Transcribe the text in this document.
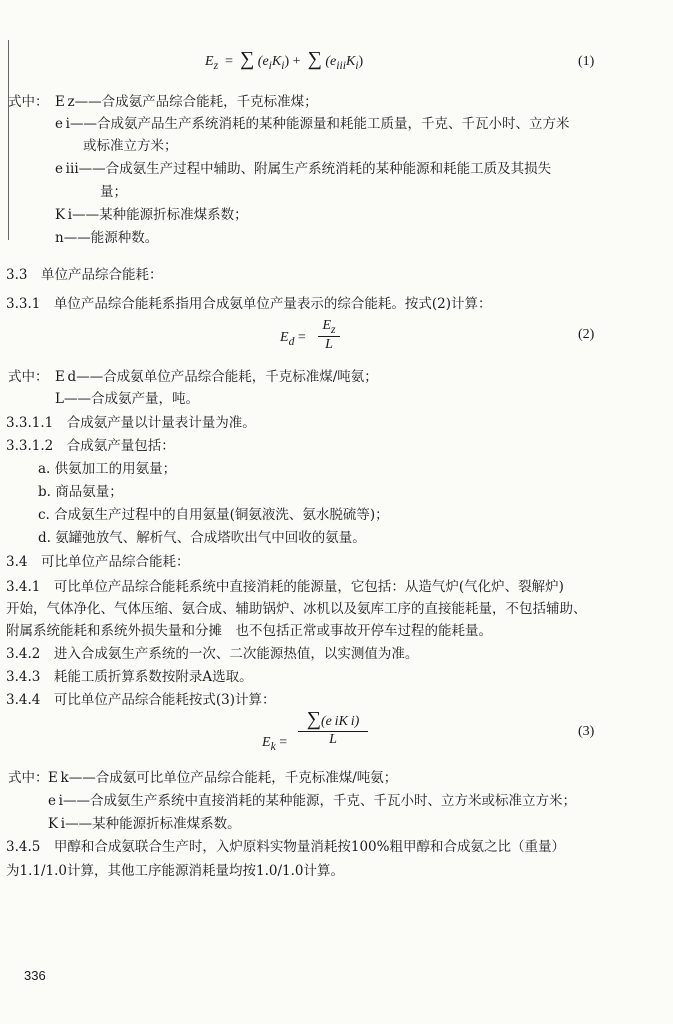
$E_z$  =  ∑ $(e_iK_i)$ +  ∑ $(e_{iii}K_i)$	(1)
式中： E z——合成氨产品综合能耗，千克标准煤；
e i——合成氨产品生产系统消耗的某种能源量和耗能工质量，千克、千瓦小时、立方米
或标准立方米；
e iii——合成氨生产过程中辅助、附属生产系统消耗的某种能源和耗能工质及其损失
量；
K i——某种能源折标准煤系数；
n——能源种数。
3.3　单位产品综合能耗：
3.3.1　单位产品综合能耗系指用合成氨单位产量表示的综合能耗。按式(2)计算：
$E_d = \frac{E_z}{L}$	(2)
式中： E d——合成氨单位产品综合能耗，千克标准煤/吨氨；
L——合成氨产量，吨。
3.3.1.1　合成氨产量以计量表计量为准。
3.3.1.2　合成氨产量包括：
a. 供氨加工的用氨量；
b. 商品氨量；
c. 合成氨生产过程中的自用氨量(铜氨液洗、氨水脱硫等)；
d. 氨罐弛放气、解析气、合成塔吹出气中回收的氨量。
3.4　可比单位产品综合能耗：
3.4.1　可比单位产品综合能耗系统中直接消耗的能源量，它包括：从造气炉(气化炉、裂解炉)
开始，气体净化、气体压缩、氨合成、辅助锅炉、冰机以及氨库工序的直接能耗量，不包括辅助、
附属系统能耗和系统外损失量和分摊　也不包括正常或事故开停车过程的能耗量。
3.4.2　进入合成氨生产系统的一次、二次能源热值，以实测值为准。
3.4.3　耗能工质折算系数按附录A选取。
3.4.4　可比单位产品综合能耗按式(3)计算：
$E_k = \frac{\text{∑(e iK i)}}{L}$	(3)
式中： E k——合成氨可比单位产品综合能耗，千克标准煤/吨氨；
e i——合成氨生产系统中直接消耗的某种能源，千克、千瓦小时、立方米或标准立方米；
K i——某种能源折标准煤系数。
3.4.5　甲醇和合成氨联合生产时，入炉原料实物量消耗按100%粗甲醇和合成氨之比（重量）
为1.1/1.0计算，其他工序能源消耗量均按1.0/1.0计算。
336
